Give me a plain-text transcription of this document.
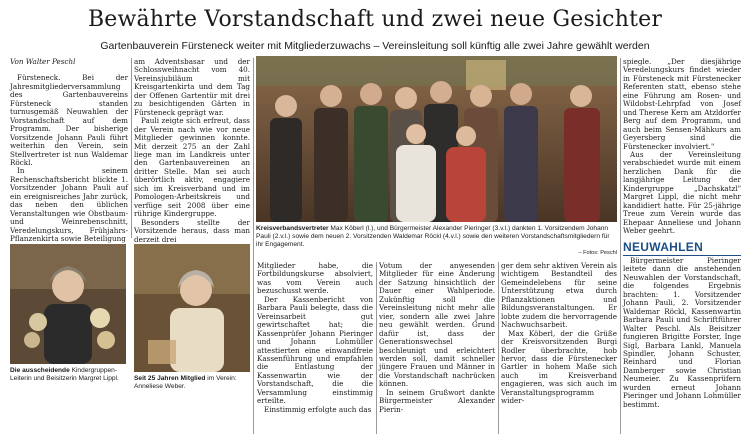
Bewährte Vorstandschaft und zwei neue Gesichter
Gartenbauverein Fürsteneck weiter mit Mitgliederzuwachs – Vereinsleitung soll künftig alle zwei Jahre gewählt werden

Von Walter Peschl

Fürsteneck. Bei der Jahresmitgliederversammlung des Gartenbauvereins Fürsteneck standen turnusgemäß Neuwahlen der Vorstandschaft auf dem Programm. Der bisherige Vorsitzende Johann Pauli führt weiterhin den Verein, sein Stellvertreter ist nun Waldemar Röckl.

In seinem Rechenschaftsbericht blickte 1. Vorsitzender Johann Pauli auf ein ereignisreiches Jahr zurück, das neben den üblichen Veranstaltungen wie Obstbaum- und Weinrebenschnitt, Veredelungskurs, Frühjahrs-Pflanzenkirta sowie Beteiligung

am Adventsbasar und der Schlossweihnacht vom 40. Vereinsjubiläum mit Kreisgartenkirta und dem Tag der Offenen Gartentür mit drei zu besichtigenden Gärten in Fürsteneck geprägt war.

Pauli zeigte sich erfreut, dass der Verein nach wie vor neue Mitglieder gewinnen konnte. Mit derzeit 275 an der Zahl liege man im Landkreis unter den Gartenbauvereinen an dritter Stelle. Man sei auch überörtlich aktiv, engagiere sich im Kreisverband und im Pomologen-Arbeitskreis und verfüge seit 2008 über eine rührige Kindergruppe.

Besonders stellte der Vorsitzende heraus, dass man derzeit drei

Kreisverbandsvertreter Max Köberl (l.), und Bürgermeister Alexander Pieringer (3.v.l.) dankten 1. Vorsitzendem Johann Pauli (2.v.l.) sowie dem neuen 2. Vorsitzenden Waldemar Röckl (4.v.l.) sowie den weiteren Vorstandschaftsmitgliedern für ihr Engagement.
– Fotos: Peschl

spiegle. „Der diesjährige Veredelungskurs findet wieder in Fürsteneck mit Fürstenecker Referenten statt, ebenso stehe eine Führung am Rosen- und Wildobst-Lehrpfad von Josef und Therese Kern am Atzldorfer Berg auf dem Programm, und auch beim Sensen-Mähkurs am Geyersberg sind die Fürstenecker involviert."

Aus der Vereinsleitung verabschiedet wurde mit einem herzlichen Dank für die langjährige Leitung der Kindergruppe „Dachskatzl" Margret Lippl, die nicht mehr kandidiert hatte. Für 25-jährige Treue zum Verein wurde das Ehepaar Anneliese und Johann Weber geehrt.

NEUWAHLEN

Bürgermeister Pieringer leitete dann die anstehenden Neuwahlen der Vorstandschaft, die folgendes Ergebnis brachten: 1. Vorsitzender Johann Pauli, 2. Vorsitzender Waldemar Röckl, Kassenwartin Barbara Pauli und Schriftführer Walter Peschl. Als Beisitzer fungieren Brigitte Forster, Inge Sigl, Barbara Lankl, Manuela Spindler, Johann Schuster, Reinhard und Florian Damberger sowie Christian Neumeier. Zu Kassenprüfern wurden erneut Johann Pieringer und Johann Lohmüller bestimmt.

Die ausscheidende Kindergruppen-Leiterin und Beisitzerin Margret Lippl.	Seit 25 Jahren Mitglied im Verein: Anneliese Weber.

Mitglieder habe, die Fortbildungskurse absolviert, was vom Verein auch bezuschusst werde.

Der Kassenbericht von Barbara Pauli belegte, dass die Vereinsarbeit gut gewirtschaftet hat; die Kassenprüfer Johann Pieringer und Johann Lohmüller attestierten eine einwandfreie Kassenführung und empfahlen die Entlastung der Kassenwartin wie der Vorstandschaft, die die Versammlung einstimmig erteilte.

Einstimmig erfolgte auch das

Votum der anwesenden Mitglieder für eine Änderung der Satzung hinsichtlich der Dauer einer Wahlperiode. Zukünftig soll die Vereinsleitung nicht mehr alle vier, sondern alle zwei Jahre neu gewählt werden. Grund dafür ist, dass der Generationswechsel beschleunigt und erleichtert werden soll, damit schneller jüngere Frauen und Männer in die Vorstandschaft nachrücken können.

In seinem Grußwort dankte Bürgermeister Alexander Pierin-

ger dem sehr aktiven Verein als wichtigem Bestandteil des Gemeindelebens für seine Unterstützung etwa durch Pflanzaktionen und Bildungsveranstaltungen. Er lobte zudem die hervorragende Nachwuchsarbeit.

Max Köberl, der die Grüße der Kreisvorsitzenden Burgi Rodler überbrachte, hob hervor, dass die Fürstenecker Gartler in hohem Maße sich auch im Kreisverband engagieren, was sich auch im Veranstaltungsprogramm wider-
